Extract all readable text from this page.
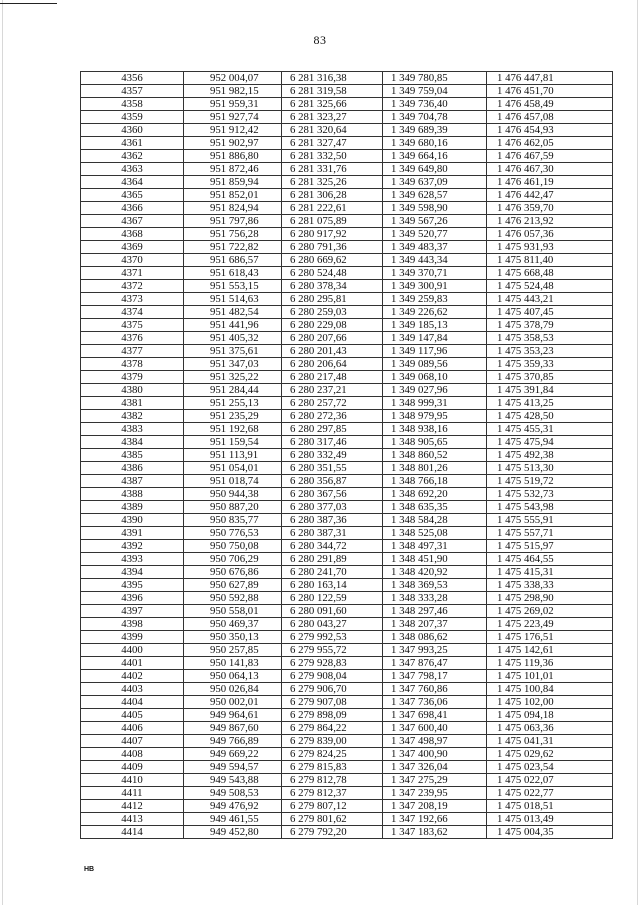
83
4356	952 004,07	6 281 316,38	1 349 780,85	1 476 447,81
4357	951 982,15	6 281 319,58	1 349 759,04	1 476 451,70
4358	951 959,31	6 281 325,66	1 349 736,40	1 476 458,49
4359	951 927,74	6 281 323,27	1 349 704,78	1 476 457,08
4360	951 912,42	6 281 320,64	1 349 689,39	1 476 454,93
4361	951 902,97	6 281 327,47	1 349 680,16	1 476 462,05
4362	951 886,80	6 281 332,50	1 349 664,16	1 476 467,59
4363	951 872,46	6 281 331,76	1 349 649,80	1 476 467,30
4364	951 859,94	6 281 325,26	1 349 637,09	1 476 461,19
4365	951 852,01	6 281 306,28	1 349 628,57	1 476 442,47
4366	951 824,94	6 281 222,61	1 349 598,90	1 476 359,70
4367	951 797,86	6 281 075,89	1 349 567,26	1 476 213,92
4368	951 756,28	6 280 917,92	1 349 520,77	1 476 057,36
4369	951 722,82	6 280 791,36	1 349 483,37	1 475 931,93
4370	951 686,57	6 280 669,62	1 349 443,34	1 475 811,40
4371	951 618,43	6 280 524,48	1 349 370,71	1 475 668,48
4372	951 553,15	6 280 378,34	1 349 300,91	1 475 524,48
4373	951 514,63	6 280 295,81	1 349 259,83	1 475 443,21
4374	951 482,54	6 280 259,03	1 349 226,62	1 475 407,45
4375	951 441,96	6 280 229,08	1 349 185,13	1 475 378,79
4376	951 405,32	6 280 207,66	1 349 147,84	1 475 358,53
4377	951 375,61	6 280 201,43	1 349 117,96	1 475 353,23
4378	951 347,03	6 280 206,64	1 349 089,56	1 475 359,33
4379	951 325,22	6 280 217,48	1 349 068,10	1 475 370,85
4380	951 284,44	6 280 237,21	1 349 027,96	1 475 391,84
4381	951 255,13	6 280 257,72	1 348 999,31	1 475 413,25
4382	951 235,29	6 280 272,36	1 348 979,95	1 475 428,50
4383	951 192,68	6 280 297,85	1 348 938,16	1 475 455,31
4384	951 159,54	6 280 317,46	1 348 905,65	1 475 475,94
4385	951 113,91	6 280 332,49	1 348 860,52	1 475 492,38
4386	951 054,01	6 280 351,55	1 348 801,26	1 475 513,30
4387	951 018,74	6 280 356,87	1 348 766,18	1 475 519,72
4388	950 944,38	6 280 367,56	1 348 692,20	1 475 532,73
4389	950 887,20	6 280 377,03	1 348 635,35	1 475 543,98
4390	950 835,77	6 280 387,36	1 348 584,28	1 475 555,91
4391	950 776,53	6 280 387,31	1 348 525,08	1 475 557,71
4392	950 750,08	6 280 344,72	1 348 497,31	1 475 515,97
4393	950 706,29	6 280 291,89	1 348 451,90	1 475 464,55
4394	950 676,86	6 280 241,70	1 348 420,92	1 475 415,31
4395	950 627,89	6 280 163,14	1 348 369,53	1 475 338,33
4396	950 592,88	6 280 122,59	1 348 333,28	1 475 298,90
4397	950 558,01	6 280 091,60	1 348 297,46	1 475 269,02
4398	950 469,37	6 280 043,27	1 348 207,37	1 475 223,49
4399	950 350,13	6 279 992,53	1 348 086,62	1 475 176,51
4400	950 257,85	6 279 955,72	1 347 993,25	1 475 142,61
4401	950 141,83	6 279 928,83	1 347 876,47	1 475 119,36
4402	950 064,13	6 279 908,04	1 347 798,17	1 475 101,01
4403	950 026,84	6 279 906,70	1 347 760,86	1 475 100,84
4404	950 002,01	6 279 907,08	1 347 736,06	1 475 102,00
4405	949 964,61	6 279 898,09	1 347 698,41	1 475 094,18
4406	949 867,60	6 279 864,22	1 347 600,40	1 475 063,36
4407	949 766,89	6 279 839,00	1 347 498,97	1 475 041,31
4408	949 669,22	6 279 824,25	1 347 400,90	1 475 029,62
4409	949 594,57	6 279 815,83	1 347 326,04	1 475 023,54
4410	949 543,88	6 279 812,78	1 347 275,29	1 475 022,07
4411	949 508,53	6 279 812,37	1 347 239,95	1 475 022,77
4412	949 476,92	6 279 807,12	1 347 208,19	1 475 018,51
4413	949 461,55	6 279 801,62	1 347 192,66	1 475 013,49
4414	949 452,80	6 279 792,20	1 347 183,62	1 475 004,35
HB
